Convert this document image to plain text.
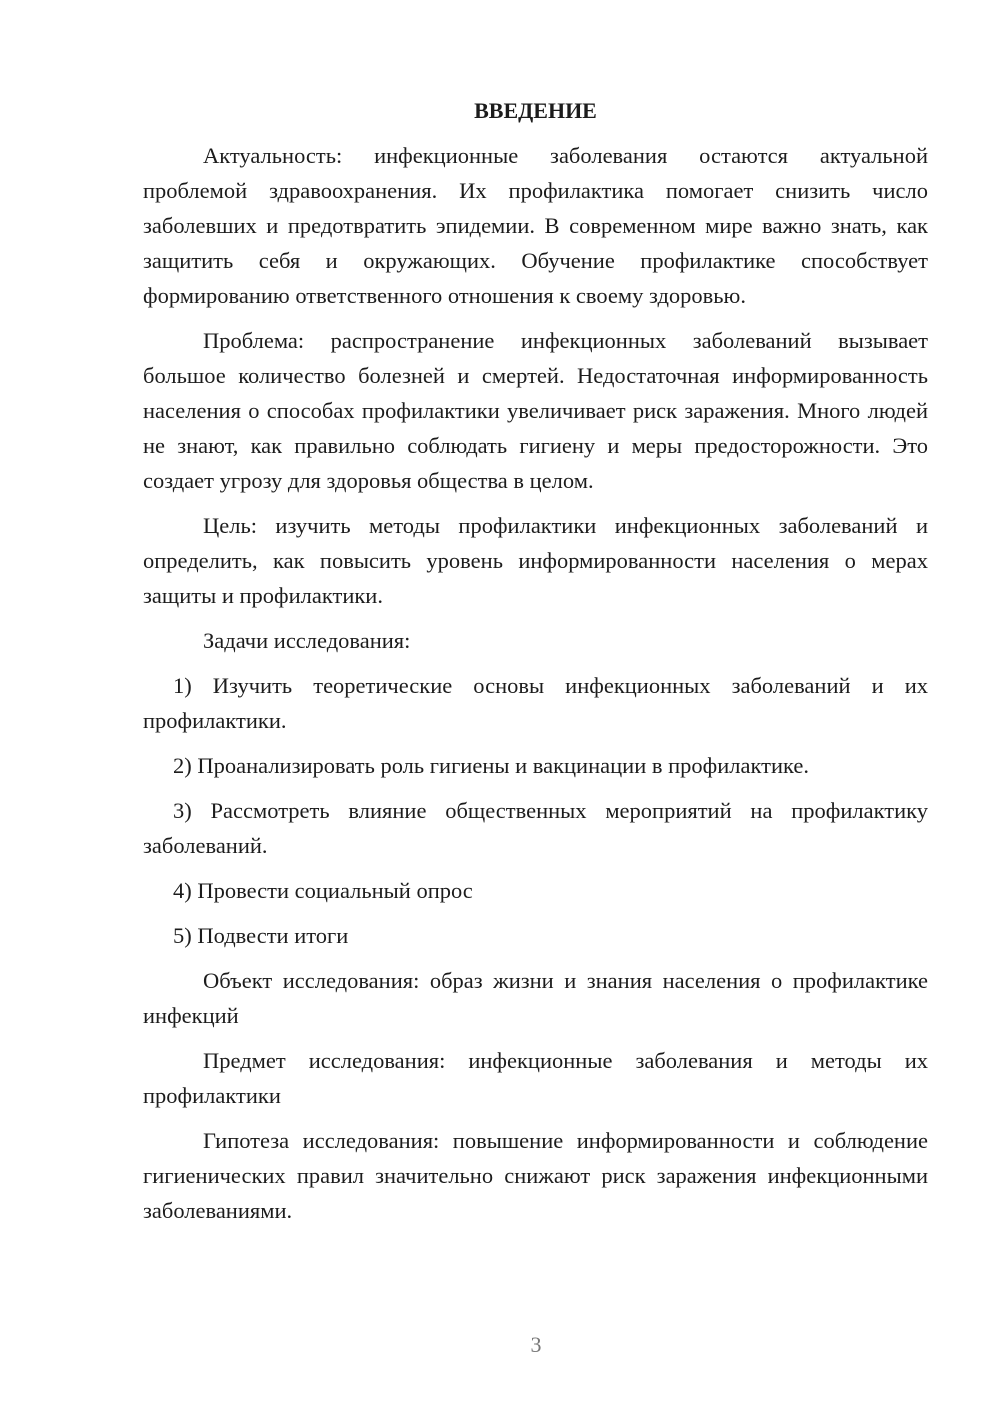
ВВЕДЕНИЕ

Актуальность: инфекционные заболевания остаются актуальной проблемой здравоохранения. Их профилактика помогает снизить число заболевших и предотвратить эпидемии. В современном мире важно знать, как защитить себя и окружающих. Обучение профилактике способствует формированию ответственного отношения к своему здоровью.

Проблема: распространение инфекционных заболеваний вызывает большое количество болезней и смертей. Недостаточная информированность населения о способах профилактики увеличивает риск заражения. Много людей не знают, как правильно соблюдать гигиену и меры предосторожности. Это создает угрозу для здоровья общества в целом.

Цель: изучить методы профилактики инфекционных заболеваний и определить, как повысить уровень информированности населения о мерах защиты и профилактики.

Задачи исследования:

1) Изучить теоретические основы инфекционных заболеваний и их профилактики.

2) Проанализировать роль гигиены и вакцинации в профилактике.

3) Рассмотреть влияние общественных мероприятий на профилактику заболеваний.

4) Провести социальный опрос

5) Подвести итоги

Объект исследования: образ жизни и знания населения о профилактике инфекций

Предмет исследования: инфекционные заболевания и методы их профилактики

Гипотеза исследования: повышение информированности и соблюдение гигиенических правил значительно снижают риск заражения инфекционными заболеваниями.

3
